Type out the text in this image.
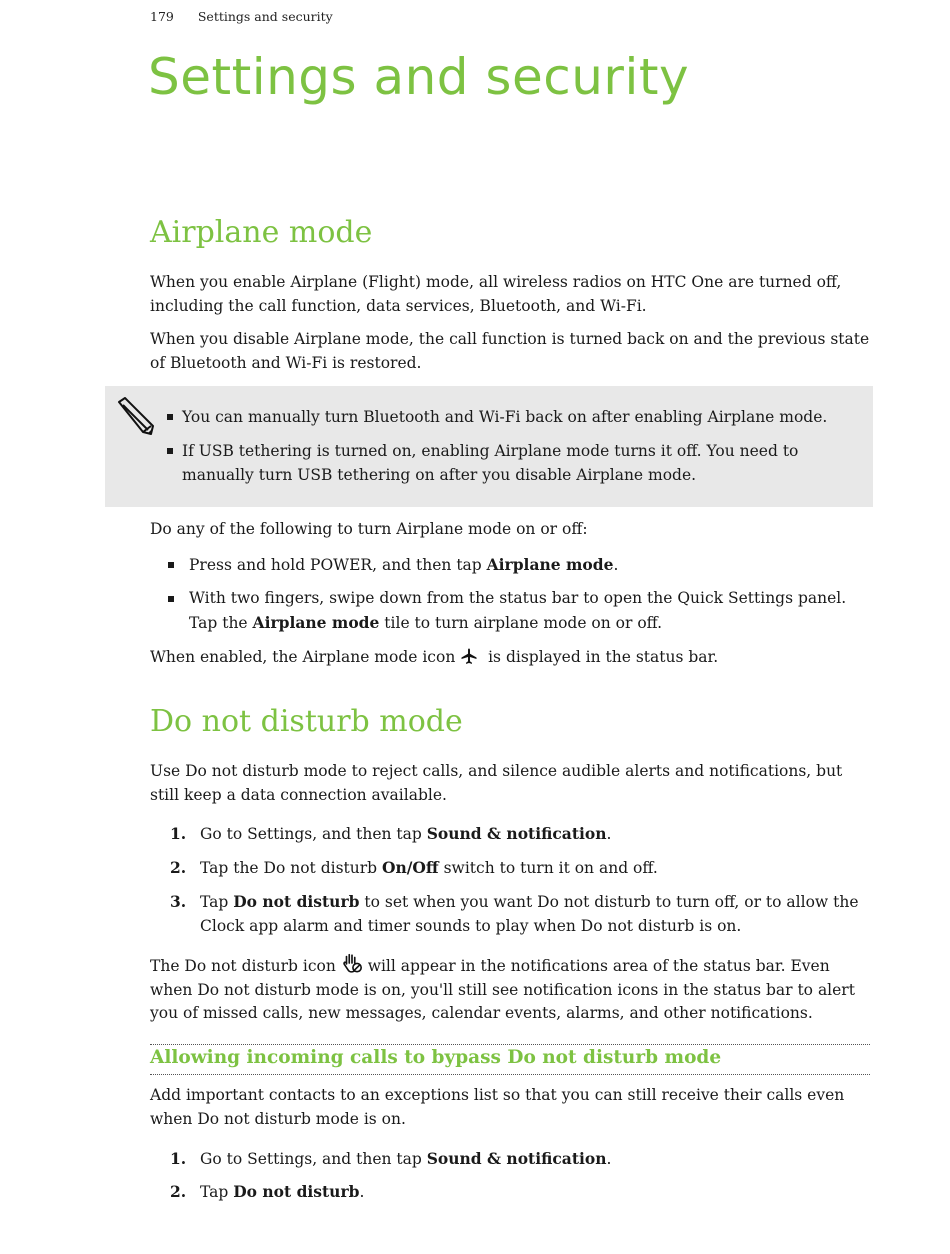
179 Settings and security
Settings and security
Airplane mode

When you enable Airplane (Flight) mode, all wireless radios on HTC One are turned off, including the call function, data services, Bluetooth, and Wi-Fi.

When you disable Airplane mode, the call function is turned back on and the previous state of Bluetooth and Wi-Fi is restored.

You can manually turn Bluetooth and Wi-Fi back on after enabling Airplane mode.
If USB tethering is turned on, enabling Airplane mode turns it off. You need to manually turn USB tethering on after you disable Airplane mode.

Do any of the following to turn Airplane mode on or off:

Press and hold POWER, and then tap Airplane mode.
With two fingers, swipe down from the status bar to open the Quick Settings panel. Tap the Airplane mode tile to turn airplane mode on or off.

When enabled, the Airplane mode icon   is displayed in the status bar.

Do not disturb mode

Use Do not disturb mode to reject calls, and silence audible alerts and notifications, but still keep a data connection available.

1. Go to Settings, and then tap Sound & notification.
2. Tap the Do not disturb On/Off switch to turn it on and off.
3. Tap Do not disturb to set when you want Do not disturb to turn off, or to allow the Clock app alarm and timer sounds to play when Do not disturb is on.

The Do not disturb icon  will appear in the notifications area of the status bar. Even when Do not disturb mode is on, you'll still see notification icons in the status bar to alert you of missed calls, new messages, calendar events, alarms, and other notifications.

Allowing incoming calls to bypass Do not disturb mode

Add important contacts to an exceptions list so that you can still receive their calls even when Do not disturb mode is on.

1. Go to Settings, and then tap Sound & notification.
2. Tap Do not disturb.
